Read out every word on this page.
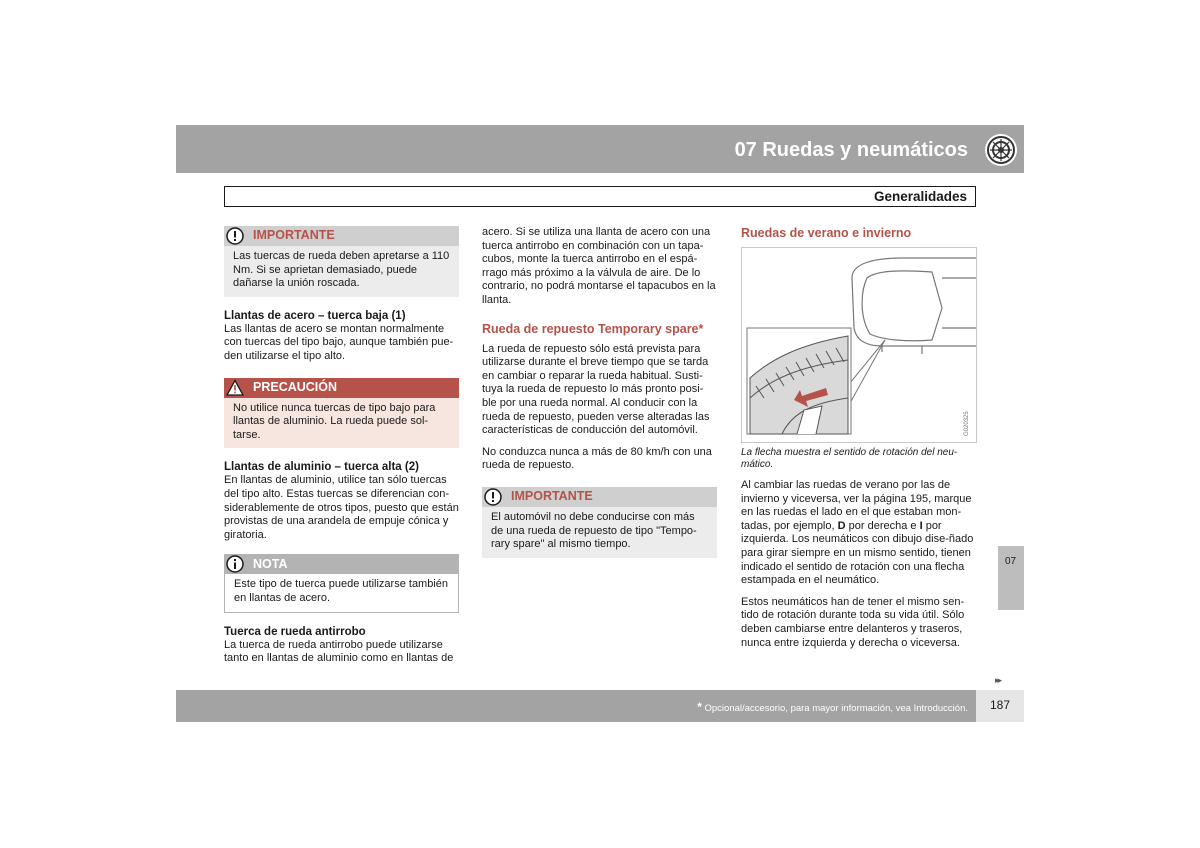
07 Ruedas y neumáticos
Generalidades
IMPORTANTE
Las tuercas de rueda deben apretarse a 110 Nm. Si se aprietan demasiado, puede dañarse la unión roscada.
Llantas de acero – tuerca baja (1)

Las llantas de acero se montan normalmente con tuercas del tipo bajo, aunque también pue-den utilizarse el tipo alto.

PRECAUCIÓN
No utilice nunca tuercas de tipo bajo para llantas de aluminio. La rueda puede sol-tarse.
Llantas de aluminio – tuerca alta (2)

En llantas de aluminio, utilice tan sólo tuercas del tipo alto. Estas tuercas se diferencian con-siderablemente de otros tipos, puesto que están provistas de una arandela de empuje cónica y giratoria.

NOTA
Este tipo de tuerca puede utilizarse también en llantas de acero.
Tuerca de rueda antirrobo

La tuerca de rueda antirrobo puede utilizarse tanto en llantas de aluminio como en llantas de

acero. Si se utiliza una llanta de acero con una tuerca antirrobo en combinación con un tapa-cubos, monte la tuerca antirrobo en el espá-rrago más próximo a la válvula de aire. De lo contrario, no podrá montarse el tapacubos en la llanta.

Rueda de repuesto Temporary spare*

La rueda de repuesto sólo está prevista para utilizarse durante el breve tiempo que se tarda en cambiar o reparar la rueda habitual. Susti-tuya la rueda de repuesto lo más pronto posi-ble por una rueda normal. Al conducir con la rueda de repuesto, pueden verse alteradas las características de conducción del automóvil.

No conduzca nunca a más de 80 km/h con una rueda de repuesto.

IMPORTANTE
El automóvil no debe conducirse con más de una rueda de repuesto de tipo "Tempo-rary spare" al mismo tiempo.
Ruedas de verano e invierno
G020325
La flecha muestra el sentido de rotación del neu-mático.

Al cambiar las ruedas de verano por las de invierno y viceversa, ver la página 195, marque en las ruedas el lado en el que estaban mon-tadas, por ejemplo, D por derecha e I por izquierda. Los neumáticos con dibujo dise-ñado para girar siempre en un mismo sentido, tienen indicado el sentido de rotación con una flecha estampada en el neumático.

Estos neumáticos han de tener el mismo sen-tido de rotación durante toda su vida útil. Sólo deben cambiarse entre delanteros y traseros, nunca entre izquierda y derecha o viceversa.

07
▸▸
* Opcional/accesorio, para mayor información, vea Introducción. 187
